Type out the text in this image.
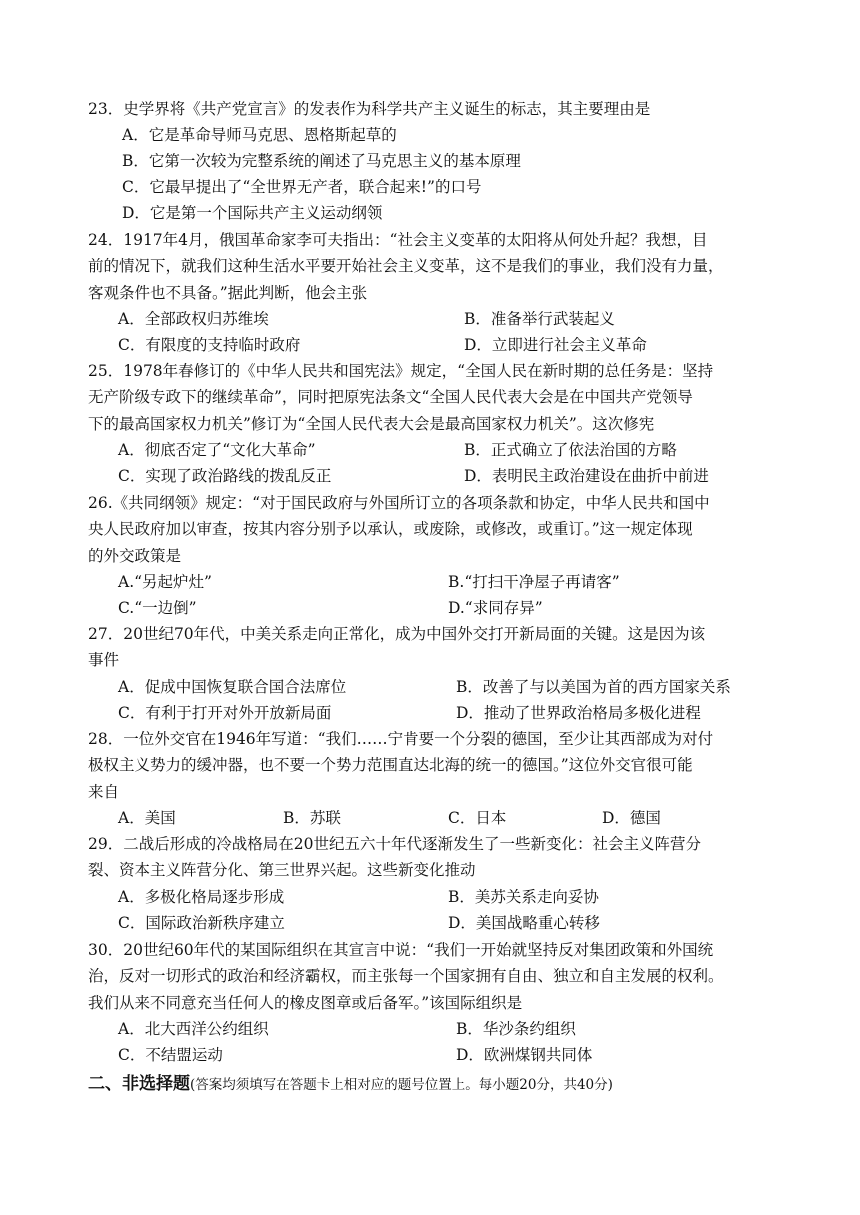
23．史学界将《共产党宣言》的发表作为科学共产主义诞生的标志，其主要理由是
A．它是革命导师马克思、恩格斯起草的
B．它第一次较为完整系统的阐述了马克思主义的基本原理
C．它最早提出了“全世界无产者，联合起来!”的口号
D．它是第一个国际共产主义运动纲领
24．1917年4月，俄国革命家李可夫指出：“社会主义变革的太阳将从何处升起？我想，目
前的情况下，就我们这种生活水平要开始社会主义变革，这不是我们的事业，我们没有力量，
客观条件也不具备。”据此判断，他会主张
A．全部政权归苏维埃	B．准备举行武装起义
C．有限度的支持临时政府	D．立即进行社会主义革命
25．1978年春修订的《中华人民共和国宪法》规定，“全国人民在新时期的总任务是：坚持
无产阶级专政下的继续革命”，同时把原宪法条文“全国人民代表大会是在中国共产党领导
下的最高国家权力机关”修订为“全国人民代表大会是最高国家权力机关”。这次修宪
A．彻底否定了“文化大革命”	B．正式确立了依法治国的方略
C．实现了政治路线的拨乱反正	D．表明民主政治建设在曲折中前进
26.《共同纲领》规定：“对于国民政府与外国所订立的各项条款和协定，中华人民共和国中
央人民政府加以审查，按其内容分别予以承认，或废除，或修改，或重订。”这一规定体现
的外交政策是
A.“另起炉灶”	B.“打扫干净屋子再请客”
C.“一边倒”	D.“求同存异”
27．20世纪70年代，中美关系走向正常化，成为中国外交打开新局面的关键。这是因为该
事件
A．促成中国恢复联合国合法席位	B．改善了与以美国为首的西方国家关系
C．有利于打开对外开放新局面	D．推动了世界政治格局多极化进程
28．一位外交官在1946年写道：“我们……宁肯要一个分裂的德国，至少让其西部成为对付
极权主义势力的缓冲器，也不要一个势力范围直达北海的统一的德国。”这位外交官很可能
来自
A．美国	B．苏联	C．日本	D．德国
29．二战后形成的冷战格局在20世纪五六十年代逐渐发生了一些新变化：社会主义阵营分
裂、资本主义阵营分化、第三世界兴起。这些新变化推动
A．多极化格局逐步形成	B．美苏关系走向妥协
C．国际政治新秩序建立	D．美国战略重心转移
30．20世纪60年代的某国际组织在其宣言中说：“我们一开始就坚持反对集团政策和外国统
治，反对一切形式的政治和经济霸权，而主张每一个国家拥有自由、独立和自主发展的权利。
我们从来不同意充当任何人的橡皮图章或后备军。”该国际组织是
A．北大西洋公约组织	B．华沙条约组织
C．不结盟运动	D．欧洲煤钢共同体
二、非选择题(答案均须填写在答题卡上相对应的题号位置上。每小题20分，共40分)
